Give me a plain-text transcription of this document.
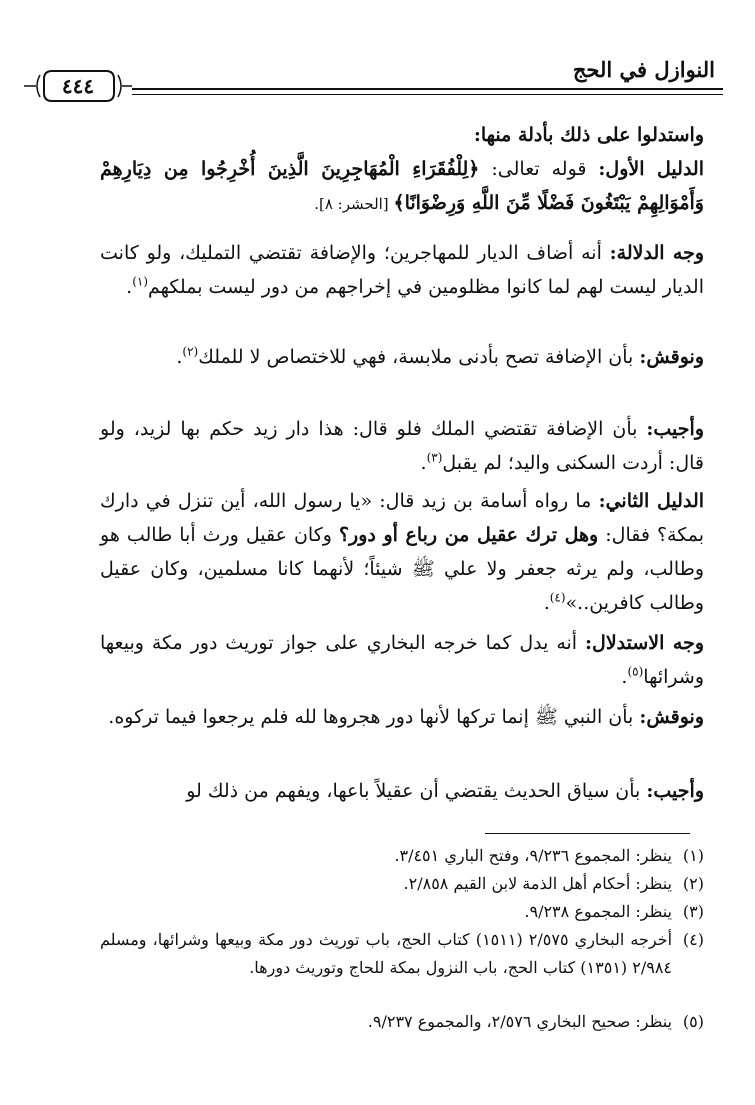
النوازل في الحج
٤٤٤
واستدلوا على ذلك بأدلة منها:
الدليل الأول: قوله تعالى: ﴿لِلْفُقَرَاءِ الْمُهَاجِرِينَ الَّذِينَ أُخْرِجُوا مِن دِيَارِهِمْ وَأَمْوَالِهِمْ يَبْتَغُونَ فَضْلًا مِّنَ اللَّهِ وَرِضْوَانًا﴾ [الحشر: ٨].
وجه الدلالة: أنه أضاف الديار للمهاجرين؛ والإضافة تقتضي التمليك، ولو كانت الديار ليست لهم لما كانوا مظلومين في إخراجهم من دور ليست بملكهم$^{(١)}$.
ونوقش: بأن الإضافة تصح بأدنى ملابسة، فهي للاختصاص لا للملك$^{(٢)}$.
وأجيب: بأن الإضافة تقتضي الملك فلو قال: هذا دار زيد حكم بها لزيد، ولو قال: أردت السكنى واليد؛ لم يقبل$^{(٣)}$.
الدليل الثاني: ما رواه أسامة بن زيد قال: «يا رسول الله، أين تنزل في دارك بمكة؟ فقال: وهل ترك عقيل من رباع أو دور؟ وكان عقيل ورث أبا طالب هو وطالب، ولم يرثه جعفر ولا علي ﷺ شيئاً؛ لأنهما كانا مسلمين، وكان عقيل وطالب كافرين..»$^{(٤)}$.
وجه الاستدلال: أنه يدل كما خرجه البخاري على جواز توريث دور مكة وبيعها وشرائها$^{(٥)}$.
ونوقش: بأن النبي ﷺ إنما تركها لأنها دور هجروها لله فلم يرجعوا فيما تركوه.
وأجيب: بأن سياق الحديث يقتضي أن عقيلاً باعها، ويفهم من ذلك لو
(١)
ينظر: المجموع ٩/٢٣٦، وفتح الباري ٣/٤٥١.
(٢)
ينظر: أحكام أهل الذمة لابن القيم ٢/٨٥٨.
(٣)
ينظر: المجموع ٩/٢٣٨.
(٤)
أخرجه البخاري ٢/٥٧٥ (١٥١١) كتاب الحج، باب توريث دور مكة وبيعها وشرائها، ومسلم ٢/٩٨٤ (١٣٥١) كتاب الحج، باب النزول بمكة للحاج وتوريث دورها.
(٥)
ينظر: صحيح البخاري ٢/٥٧٦، والمجموع ٩/٢٣٧.
